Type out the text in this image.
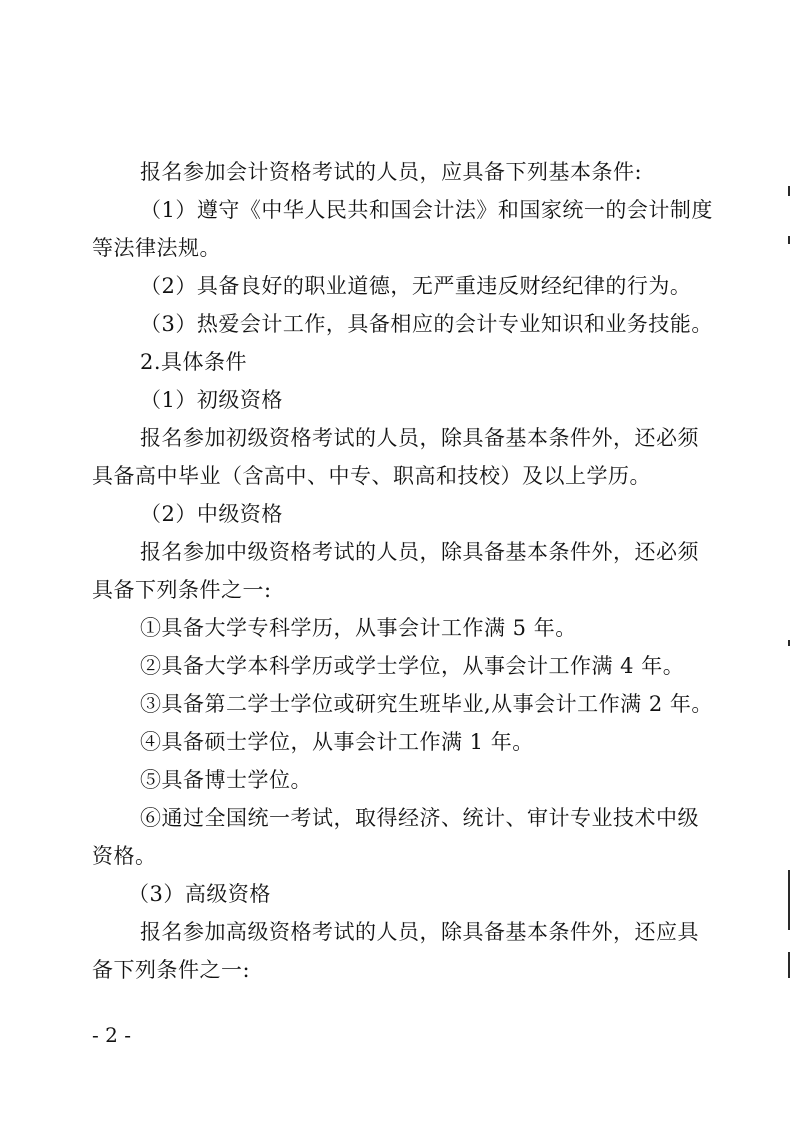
报名参加会计资格考试的人员，应具备下列基本条件:
（1）遵守《中华人民共和国会计法》和国家统一的会计制度
等法律法规。
（2）具备良好的职业道德，无严重违反财经纪律的行为。
（3）热爱会计工作，具备相应的会计专业知识和业务技能。
2.具体条件
（1）初级资格
报名参加初级资格考试的人员，除具备基本条件外，还必须
具备高中毕业（含高中、中专、职高和技校）及以上学历。
（2）中级资格
报名参加中级资格考试的人员，除具备基本条件外，还必须
具备下列条件之一:
①具备大学专科学历，从事会计工作满 5 年。
②具备大学本科学历或学士学位，从事会计工作满 4 年。
③具备第二学士学位或研究生班毕业,从事会计工作满 2 年。
④具备硕士学位，从事会计工作满 1 年。
⑤具备博士学位。
⑥通过全国统一考试，取得经济、统计、审计专业技术中级
资格。
（3）高级资格
报名参加高级资格考试的人员，除具备基本条件外，还应具
备下列条件之一:
- 2 -
